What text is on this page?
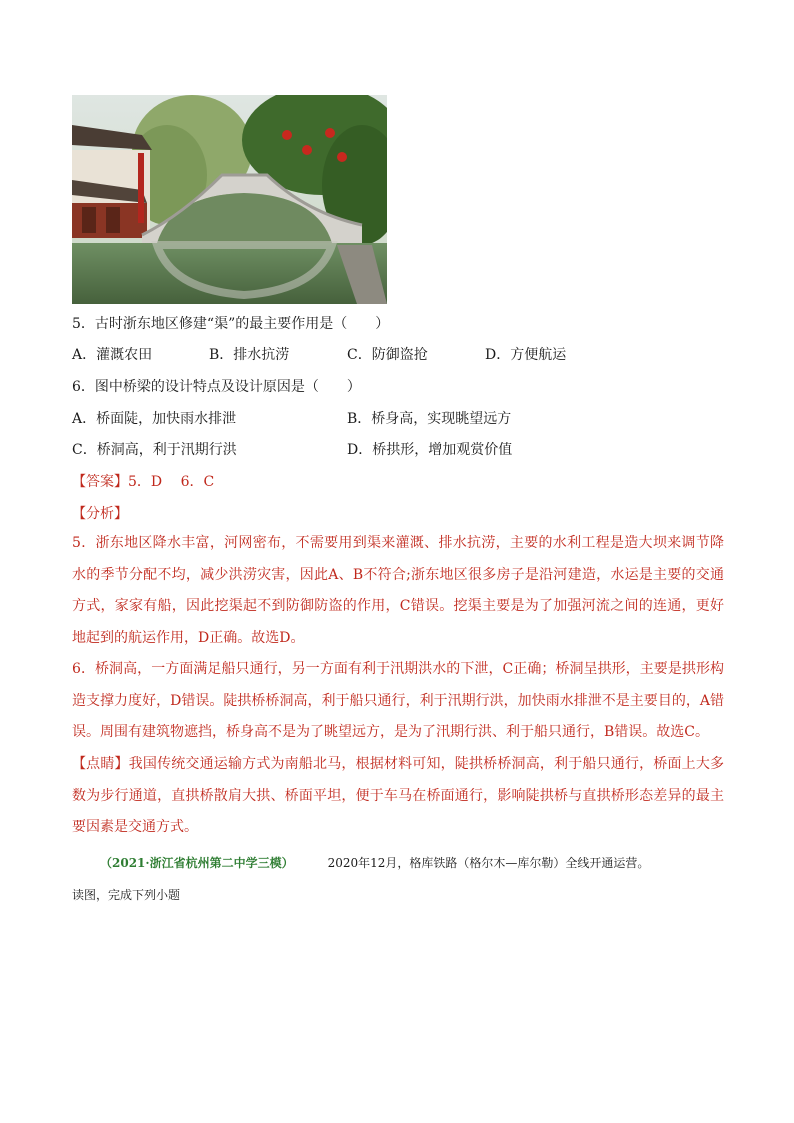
5．古时浙东地区修建“渠”的最主要作用是（　　）
A．灌溉农田	B．排水抗涝	C．防御盗抢	D．方便航运
6．图中桥梁的设计特点及设计原因是（　　）
A．桥面陡，加快雨水排泄	B．桥身高，实现眺望远方
C．桥洞高，利于汛期行洪	D．桥拱形，增加观赏价值
【答案】5．D　 6．C
【分析】
5．浙东地区降水丰富，河网密布，不需要用到渠来灌溉、排水抗涝，主要的水利工程是造大坝来调节降水的季节分配不均，减少洪涝灾害，因此A、B不符合;浙东地区很多房子是沿河建造，水运是主要的交通方式，家家有船，因此挖渠起不到防御防盗的作用，C错误。挖渠主要是为了加强河流之间的连通，更好地起到的航运作用，D正确。故选D。
6．桥洞高，一方面满足船只通行，另一方面有利于汛期洪水的下泄，C正确；桥洞呈拱形，主要是拱形构造支撑力度好，D错误。陡拱桥桥洞高，利于船只通行，利于汛期行洪，加快雨水排泄不是主要目的，A错误。周围有建筑物遮挡，桥身高不是为了眺望远方，是为了汛期行洪、利于船只通行，B错误。故选C。
【点睛】我国传统交通运输方式为南船北马，根据材料可知，陡拱桥桥洞高，利于船只通行，桥面上大多数为步行通道，直拱桥散肩大拱、桥面平坦，便于车马在桥面通行，影响陡拱桥与直拱桥形态差异的最主要因素是交通方式。
（2021·浙江省杭州第二中学三模）	2020年12月，格库铁路（格尔木—库尔勒）全线开通运营。
读图，完成下列小题
